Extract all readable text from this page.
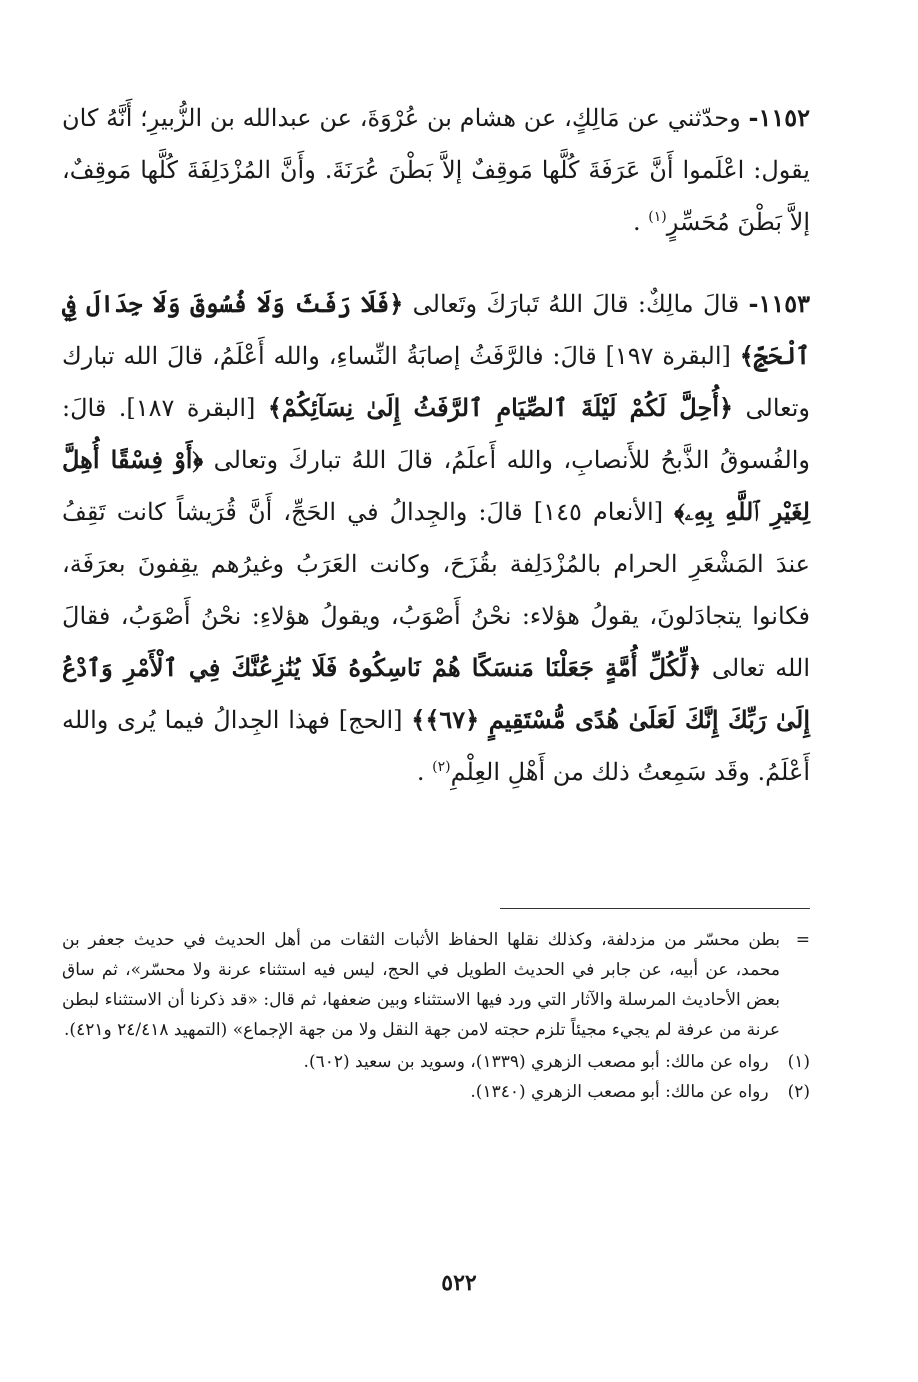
١١٥٢- وحدّثني عن مَالِكٍ، عن هشام بن عُرْوَةَ، عن عبدالله بن الزُّبيرِ؛ أَنَّهُ كان يقول: اعْلَموا أَنَّ عَرَفَةَ كُلَّها مَوقِفٌ إلاَّ بَطْنَ عُرَنَةَ. وأَنَّ المُزْدَلِفَةَ كُلَّها مَوقِفٌ، إلاَّ بَطْنَ مُحَسِّرٍ$^{(١)}$ .

١١٥٣- قالَ مالِكٌ: قالَ اللهُ تَبارَكَ وتَعالى ﴿فَلَا رَفَثَ وَلَا فُسُوقَ وَلَا جِدَالَ فِي ٱلْحَجِّ﴾ [البقرة ١٩٧] قالَ: فالرَّفَثُ إصابَةُ النِّساءِ، والله أَعْلَمُ، قالَ الله تبارك وتعالى ﴿أُحِلَّ لَكُمْ لَيْلَةَ ٱلصِّيَامِ ٱلرَّفَثُ إِلَىٰ نِسَآئِكُمْ﴾ [البقرة ١٨٧]. قالَ: والفُسوقُ الذَّبحُ للأَنصابِ، والله أَعلَمُ، قالَ اللهُ تباركَ وتعالى ﴿أَوْ فِسْقًا أُهِلَّ لِغَيْرِ ٱللَّهِ بِهِۦ﴾ [الأنعام ١٤٥] قالَ: والجِدالُ في الحَجِّ، أَنَّ قُرَيشاً كانت تَقِفُ عندَ المَشْعَرِ الحرام بالمُزْدَلِفة بقُزَحَ، وكانت العَرَبُ وغيرُهم يقِفونَ بعرَفَة، فكانوا يتجادَلونَ، يقولُ هؤلاء: نحْنُ أَصْوَبُ، ويقولُ هؤلاءِ: نحْنُ أَصْوَبُ، فقالَ الله تعالى ﴿لِّكُلِّ أُمَّةٍ جَعَلْنَا مَنسَكًا هُمْ نَاسِكُوهُ فَلَا يُنَٰزِعُنَّكَ فِي ٱلْأَمْرِ وَٱدْعُ إِلَىٰ رَبِّكَ إِنَّكَ لَعَلَىٰ هُدًى مُّسْتَقِيمٍ ﴿٦٧﴾﴾ [الحج] فهذا الجِدالُ فيما يُرى والله أَعْلَمُ. وقَد سَمِعتُ ذلك من أَهْلِ العِلْمِ$^{(٢)}$ .

=
بطن محسّر من مزدلفة، وكذلك نقلها الحفاظ الأثبات الثقات من أهل الحديث في حديث جعفر بن محمد، عن أبيه، عن جابر في الحديث الطويل في الحج، ليس فيه استثناء عرنة ولا محسّر»، ثم ساق بعض الأحاديث المرسلة والآثار التي ورد فيها الاستثناء وبين ضعفها، ثم قال: «قد ذكرنا أن الاستثناء لبطن عرنة من عرفة لم يجيء مجيئاً تلزم حجته لامن جهة النقل ولا من جهة الإجماع» (التمهيد ٢٤/٤١٨ و٤٢١).

(١) رواه عن مالك: أبو مصعب الزهري (١٣٣٩)، وسويد بن سعيد (٦٠٢).

(٢) رواه عن مالك: أبو مصعب الزهري (١٣٤٠).

٥٢٢
